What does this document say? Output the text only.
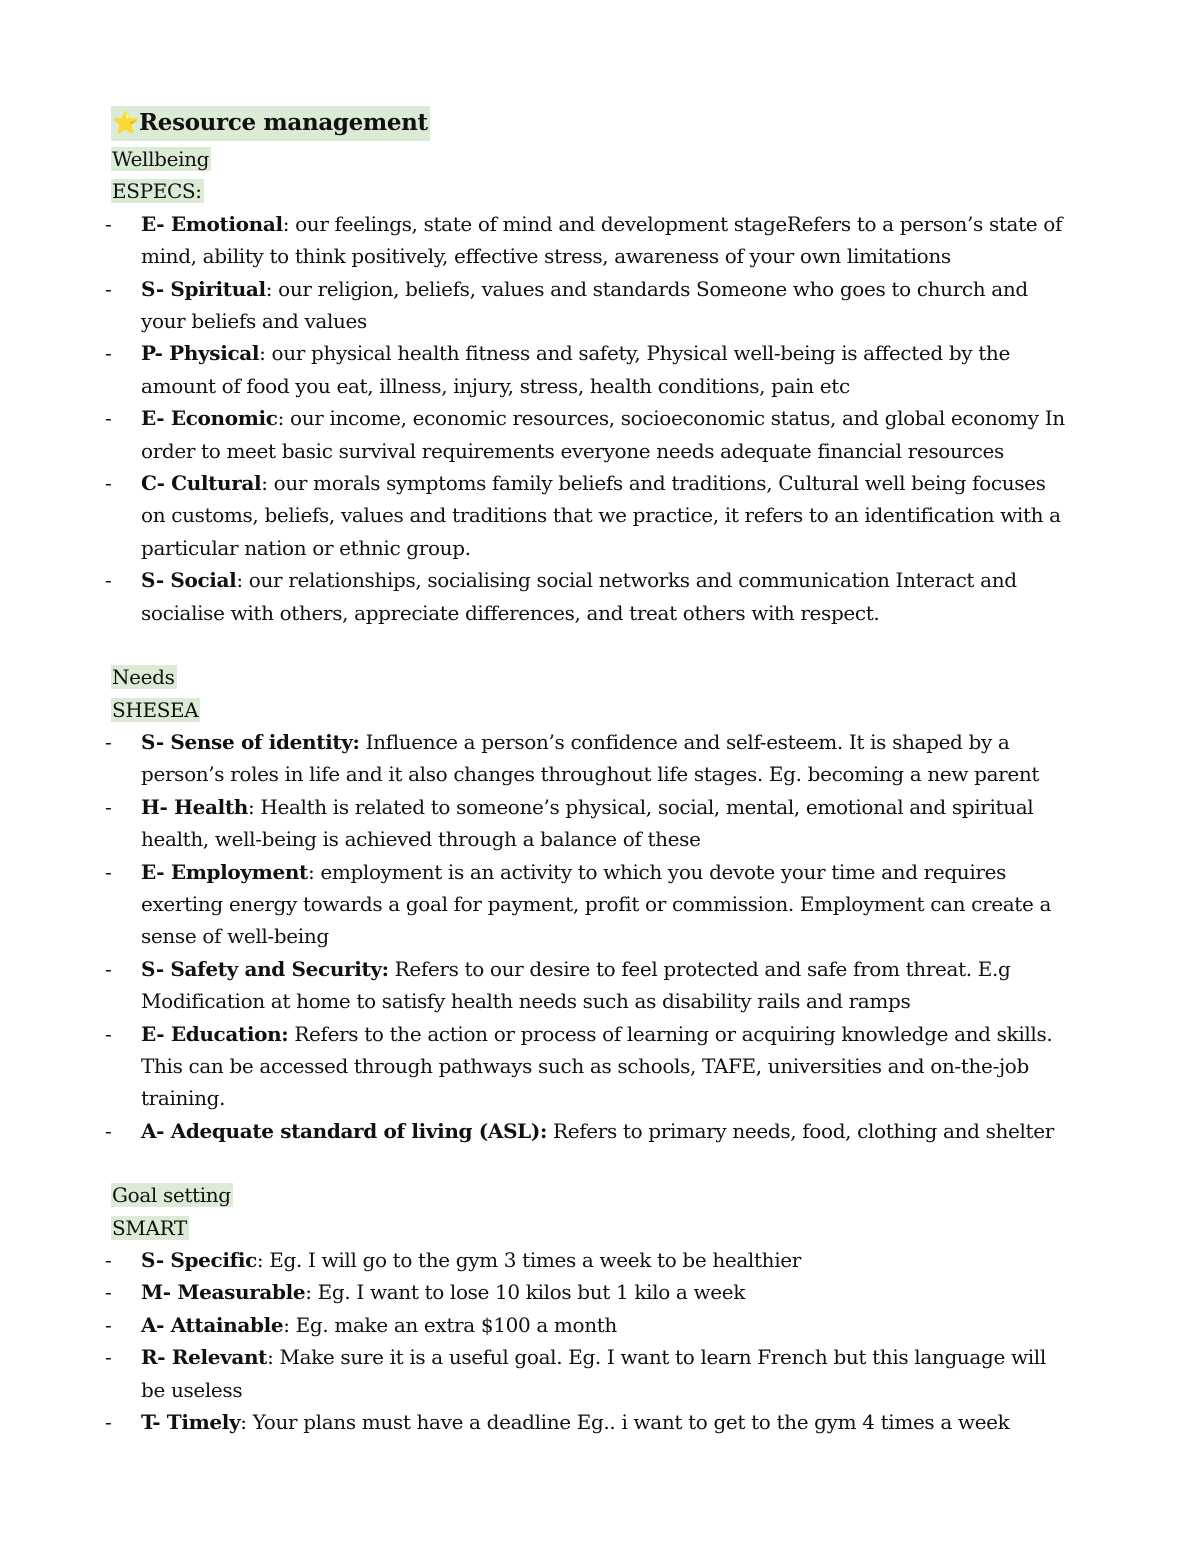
⭐Resource management
Wellbeing
ESPECS:
- E- Emotional: our feelings, state of mind and development stageRefers to a person’s state of mind, ability to think positively, effective stress, awareness of your own limitations
- S- Spiritual: our religion, beliefs, values and standards Someone who goes to church and your beliefs and values
- P- Physical: our physical health fitness and safety, Physical well-being is affected by the amount of food you eat, illness, injury, stress, health conditions, pain etc
- E- Economic: our income, economic resources, socioeconomic status, and global economy In order to meet basic survival requirements everyone needs adequate financial resources
- C- Cultural: our morals symptoms family beliefs and traditions, Cultural well being focuses on customs, beliefs, values and traditions that we practice, it refers to an identification with a particular nation or ethnic group.
- S- Social: our relationships, socialising social networks and communication Interact and socialise with others, appreciate differences, and treat others with respect.
Needs
SHESEA
- S- Sense of identity: Influence a person’s confidence and self-esteem. It is shaped by a person’s roles in life and it also changes throughout life stages. Eg. becoming a new parent
- H- Health: Health is related to someone’s physical, social, mental, emotional and spiritual health, well-being is achieved through a balance of these
- E- Employment: employment is an activity to which you devote your time and requires exerting energy towards a goal for payment, profit or commission. Employment can create a sense of well-being
- S- Safety and Security: Refers to our desire to feel protected and safe from threat. E.g Modification at home to satisfy health needs such as disability rails and ramps
- E- Education: Refers to the action or process of learning or acquiring knowledge and skills. This can be accessed through pathways such as schools, TAFE, universities and on-the-job training.
- A- Adequate standard of living (ASL): Refers to primary needs, food, clothing and shelter
Goal setting
SMART
- S- Specific: Eg. I will go to the gym 3 times a week to be healthier
- M- Measurable: Eg. I want to lose 10 kilos but 1 kilo a week
- A- Attainable: Eg. make an extra $100 a month
- R- Relevant: Make sure it is a useful goal. Eg. I want to learn French but this language will be useless
- T- Timely: Your plans must have a deadline Eg.. i want to get to the gym 4 times a week
